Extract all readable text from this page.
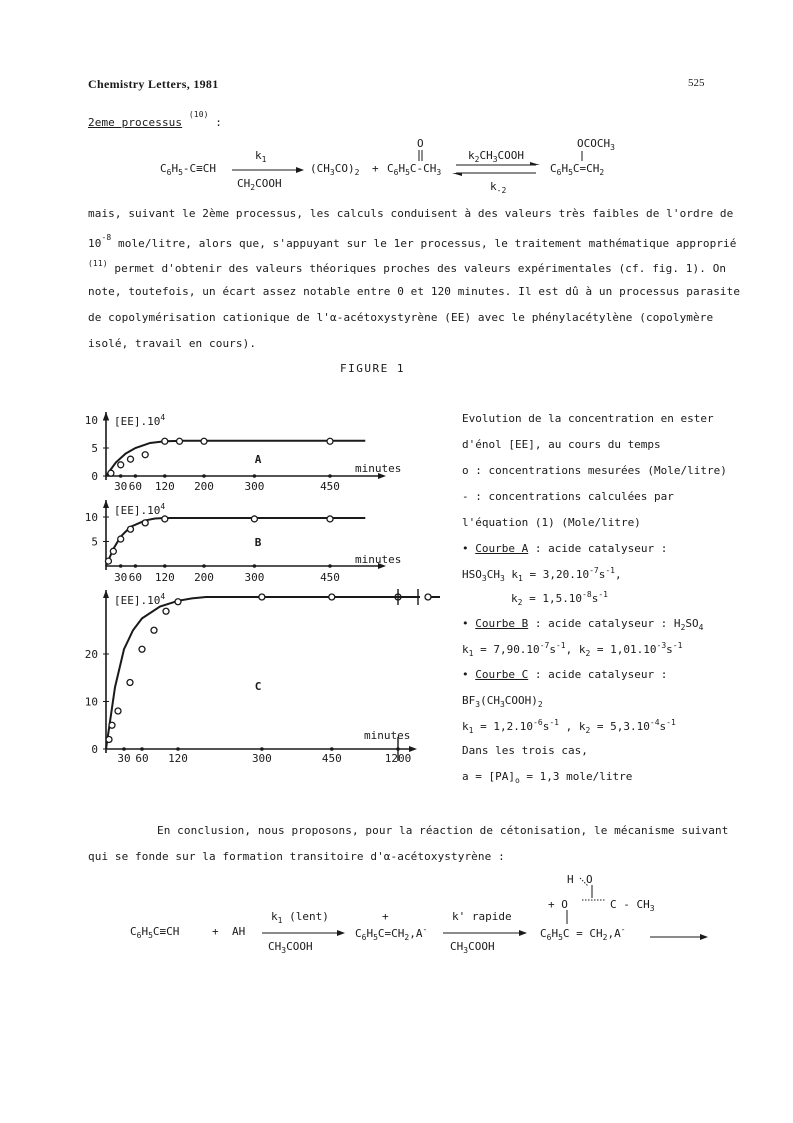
Chemistry Letters, 1981	525
2eme processus $^{(10)}$ :
$C_6H_5-C\equiv CH$
$k_1$
$CH_2COOH$
$(CH_3CO)_2$ +
O
$C_6H_5C-CH_3$
$k_2CH_3COOH$
$k_{-2}$
$OCOCH_3$
$C_6H_5C=CH_2$
mais, suivant le 2ème processus, les calculs conduisent à des valeurs très faibles de l'ordre de
$10^{-8}$ mole/litre, alors que, s'appuyant sur le 1er processus, le traitement mathématique approprié
$^{(11)}$ permet d'obtenir des valeurs théoriques proches des valeurs expérimentales (cf. fig. 1). On
note, toutefois, un écart assez notable entre 0 et 120 minutes. Il est dû à un processus parasite
de copolymérisation cationique de l'α-acétoxystyrène (EE) avec le phénylacétylène (copolymère
isolé, travail en cours).
FIGURE 1
0
5
10
30 60 120 200	300	450
$[EE].10^4$
minutes
A
5
10
30 60 120 200	300	450
$[EE].10^4$
minutes
B
0
10
20
30 60 120	300	450	1200
$[EE].10^4$
minutes
C
Evolution de la concentration en ester
d'énol [EE], au cours du temps
o : concentrations mesurées (Mole/litre)
- : concentrations calculées par
l'équation (1) (Mole/litre)
• Courbe A : acide catalyseur :
$HSO_3CH_3$ $k_1 = 3,20.10^{-7}s^{-1}$,
$k_2 = 1,5.10^{-8}s^{-1}$
• Courbe B : acide catalyseur : $H_2SO_4$
$k_1 = 7,90.10^{-7}s^{-1}$, $k_2 = 1,01.10^{-3}s^{-1}$
• Courbe C : acide catalyseur :
$BF_3(CH_3COOH)_2$
$k_1 = 1,2.10^{-6}s^{-1}$ , $k_2 = 5,3.10^{-4}s^{-1}$
Dans les trois cas,
$a = [PA]_o = 1,3$ mole/litre
En conclusion, nous proposons, pour la réaction de cétonisation, le mécanisme suivant
qui se fonde sur la formation transitoire d'α-acétoxystyrène :
$C_6H_5C\equiv CH$	+ AH
$k_1$ (lent)
$CH_3COOH$
+
$C_6H_5C=CH_2,A^-$
k' rapide
$CH_3COOH$
H O
+ O	C - $CH_3$
$C_6H_5C = CH_2,A^-$
